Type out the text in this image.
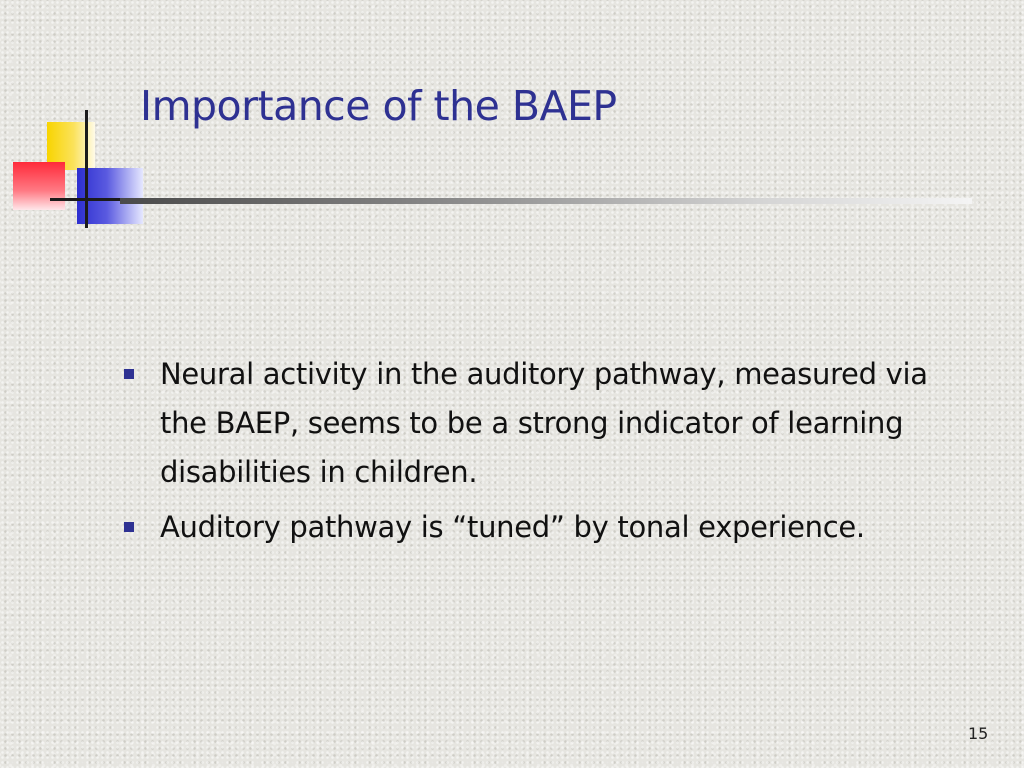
Importance of the BAEP
Neural activity in the auditory pathway, measured via the BAEP, seems to be a strong indicator of learning disabilities in children.
Auditory pathway is “tuned” by tonal experience.
15
